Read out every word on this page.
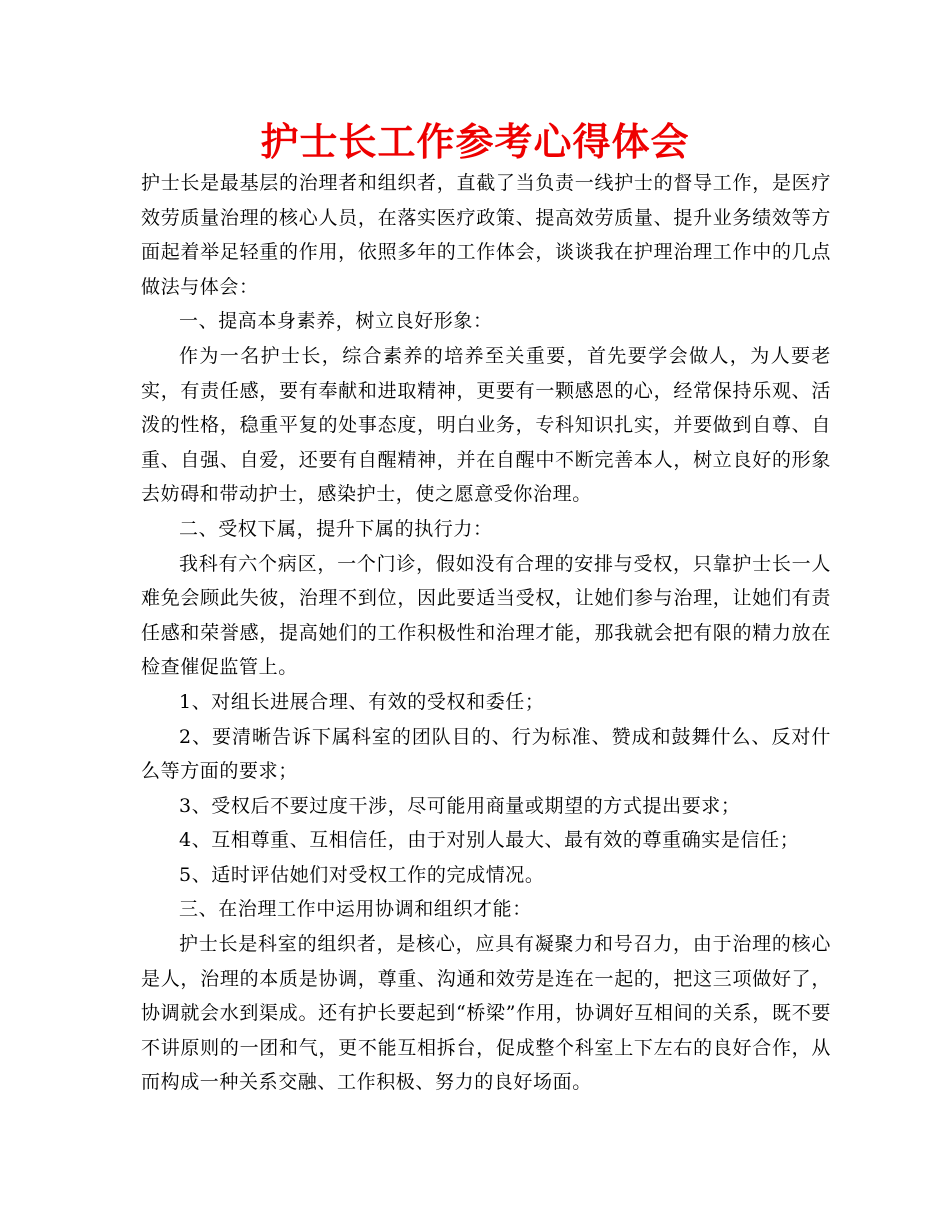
护士长工作参考心得体会

护士长是最基层的治理者和组织者，直截了当负责一线护士的督导工作，是医疗效劳质量治理的核心人员，在落实医疗政策、提高效劳质量、提升业务绩效等方面起着举足轻重的作用，依照多年的工作体会，谈谈我在护理治理工作中的几点做法与体会：

一、提高本身素养，树立良好形象：

作为一名护士长，综合素养的培养至关重要，首先要学会做人，为人要老实，有责任感，要有奉献和进取精神，更要有一颗感恩的心，经常保持乐观、活泼的性格，稳重平复的处事态度，明白业务，专科知识扎实，并要做到自尊、自重、自强、自爱，还要有自醒精神，并在自醒中不断完善本人，树立良好的形象去妨碍和带动护士，感染护士，使之愿意受你治理。

二、受权下属，提升下属的执行力：

我科有六个病区，一个门诊，假如没有合理的安排与受权，只靠护士长一人难免会顾此失彼，治理不到位，因此要适当受权，让她们参与治理，让她们有责任感和荣誉感，提高她们的工作积极性和治理才能，那我就会把有限的精力放在检查催促监管上。

1、对组长进展合理、有效的受权和委任；

2、要清晰告诉下属科室的团队目的、行为标准、赞成和鼓舞什么、反对什么等方面的要求；

3、受权后不要过度干涉，尽可能用商量或期望的方式提出要求；

4、互相尊重、互相信任，由于对别人最大、最有效的尊重确实是信任；

5、适时评估她们对受权工作的完成情况。

三、在治理工作中运用协调和组织才能：

护士长是科室的组织者，是核心，应具有凝聚力和号召力，由于治理的核心是人，治理的本质是协调，尊重、沟通和效劳是连在一起的，把这三项做好了，协调就会水到渠成。还有护长要起到“桥梁”作用，协调好互相间的关系，既不要不讲原则的一团和气，更不能互相拆台，促成整个科室上下左右的良好合作，从而构成一种关系交融、工作积极、努力的良好场面。
